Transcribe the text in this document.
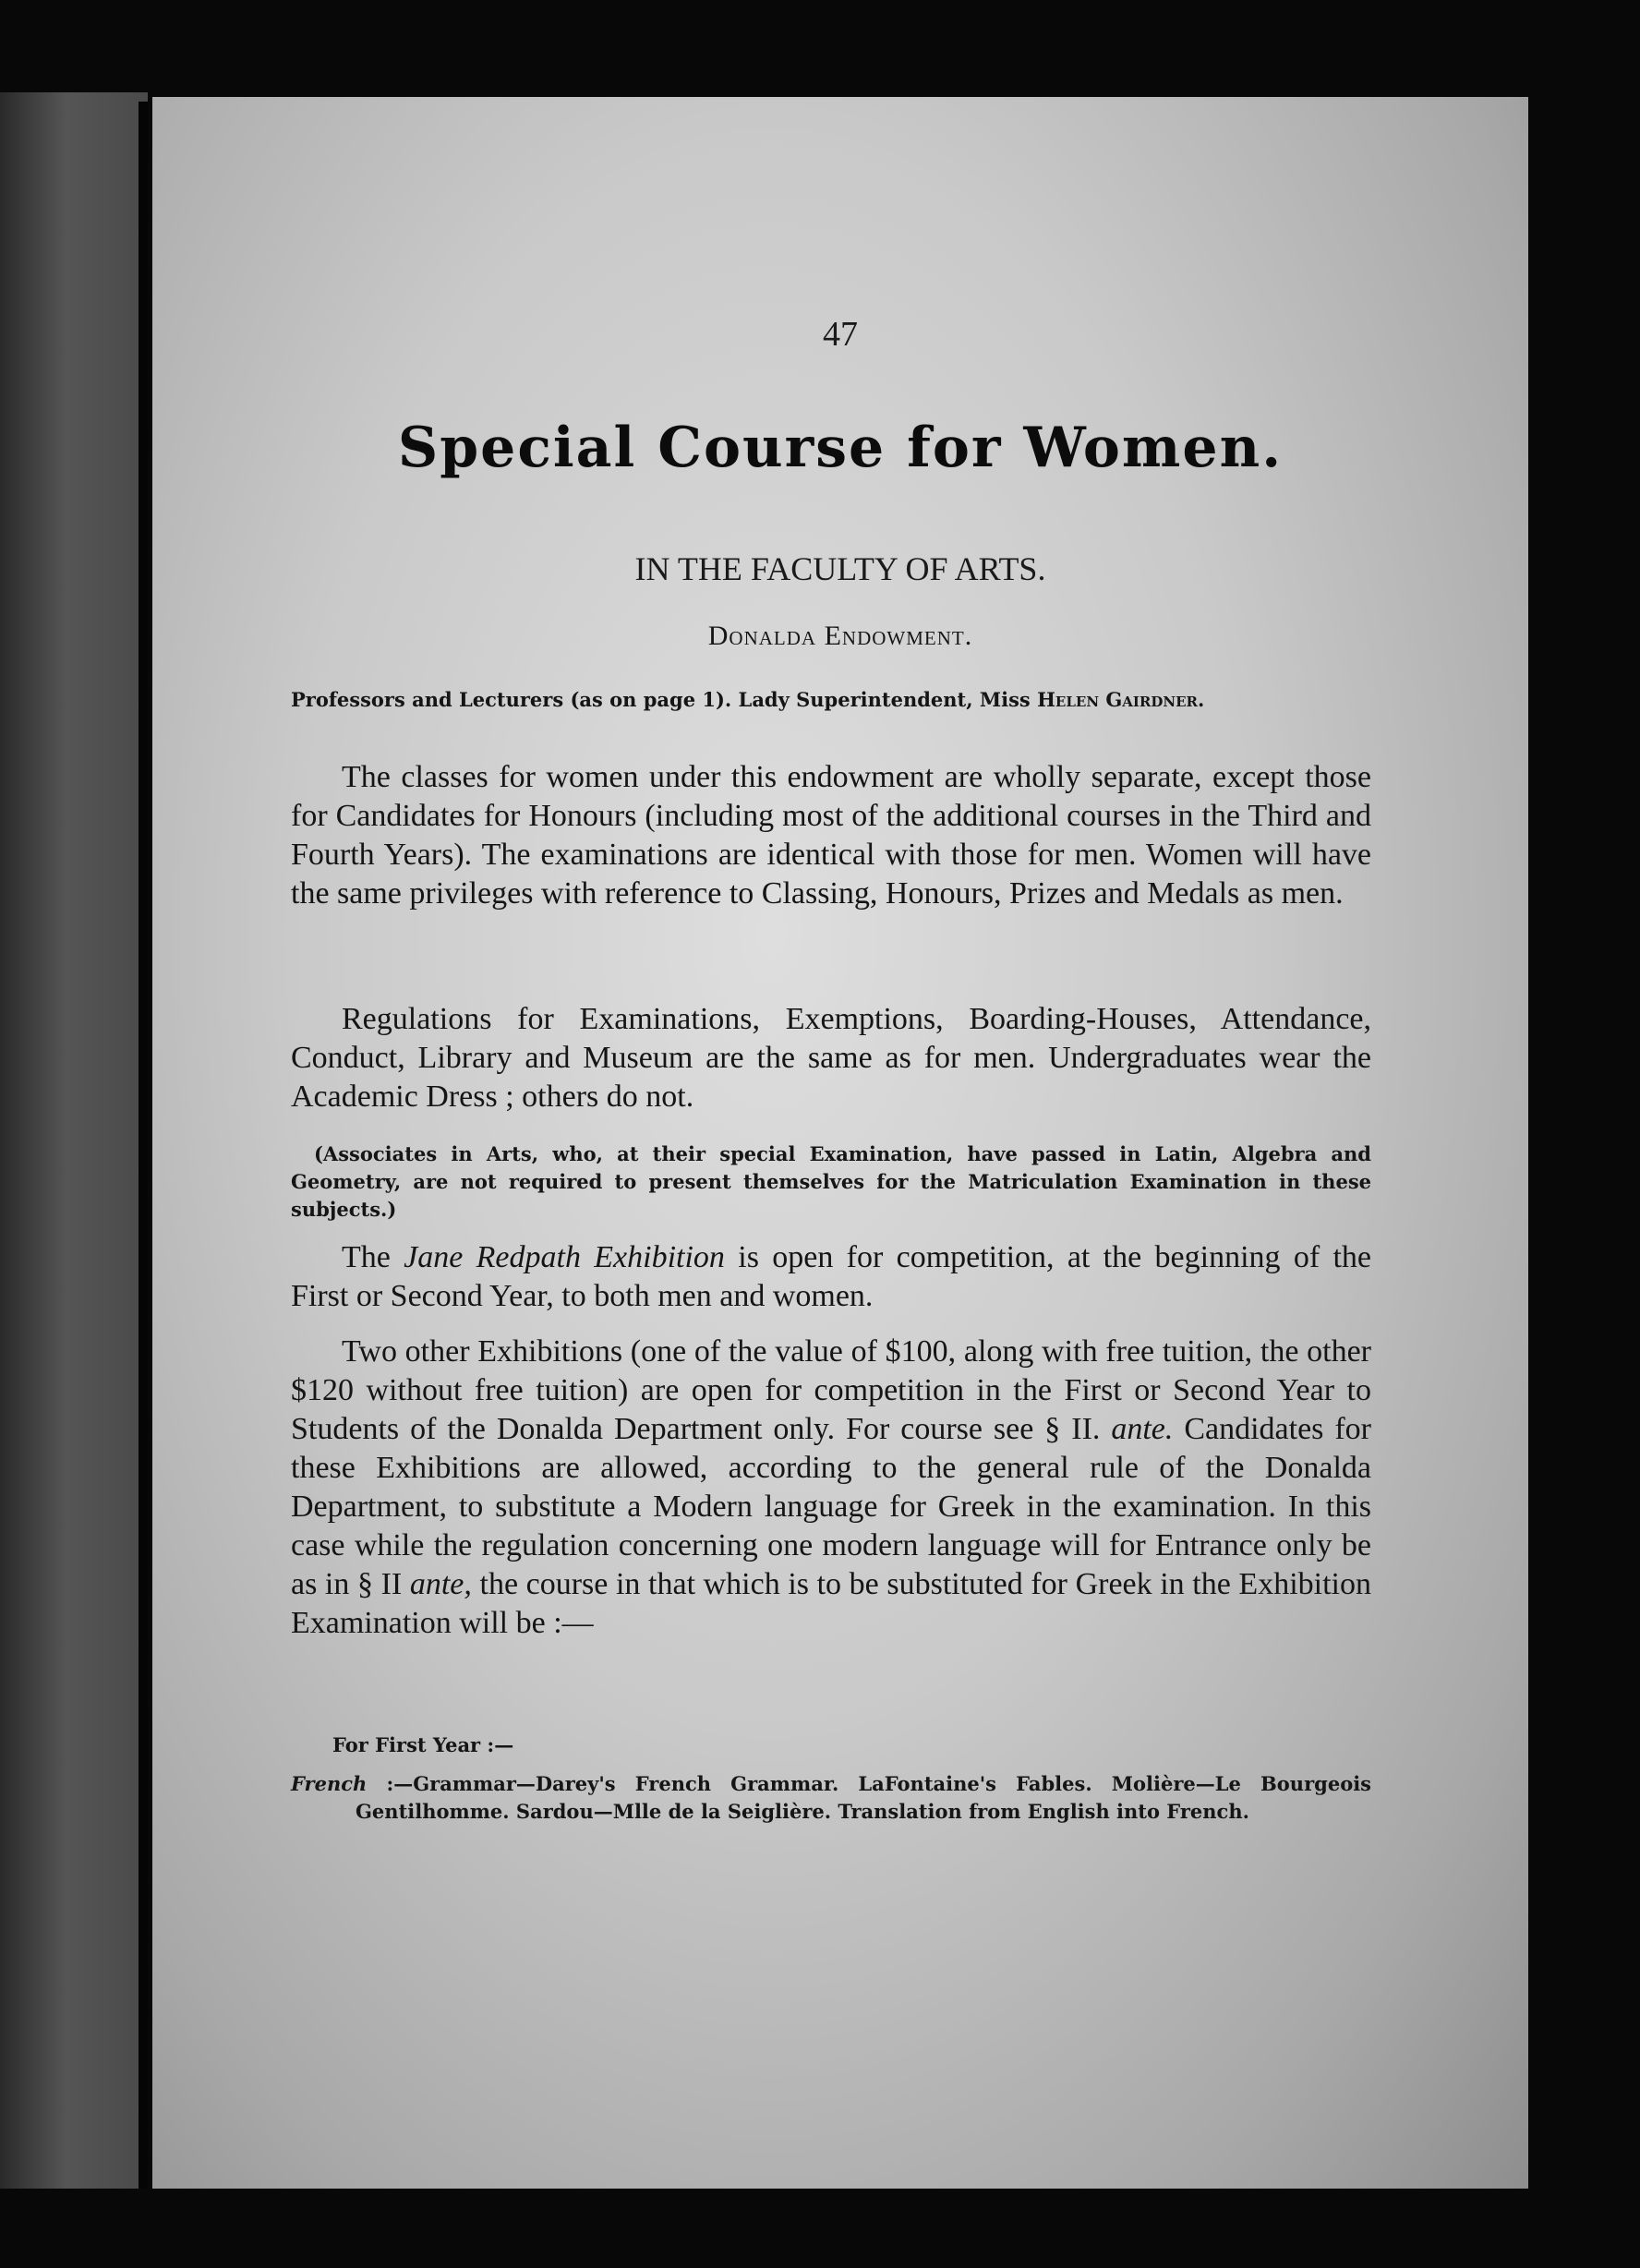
47
Special Course for Women.
IN THE FACULTY OF ARTS.
Donalda Endowment.

Professors and Lecturers (as on page 1). Lady Superintendent, Miss Helen Gairdner.

The classes for women under this endowment are wholly separate, except those for Candidates for Honours (including most of the additional courses in the Third and Fourth Years). The examinations are identical with those for men. Women will have the same privileges with reference to Classing, Honours, Prizes and Medals as men.

Regulations for Examinations, Exemptions, Boarding-Houses, Attendance, Conduct, Library and Museum are the same as for men. Undergraduates wear the Academic Dress ; others do not.

(Associates in Arts, who, at their special Examination, have passed in Latin, Algebra and Geometry, are not required to present themselves for the Matriculation Examination in these subjects.)

The Jane Redpath Exhibition is open for competition, at the beginning of the First or Second Year, to both men and women.

Two other Exhibitions (one of the value of $100, along with free tuition, the other $120 without free tuition) are open for competition in the First or Second Year to Students of the Donalda Department only. For course see § II. ante. Candidates for these Exhibitions are allowed, according to the general rule of the Donalda Department, to substitute a Modern language for Greek in the examination. In this case while the regulation concerning one modern language will for Entrance only be as in § II ante, the course in that which is to be substituted for Greek in the Exhibition Examination will be :—

For First Year :—

French :—Grammar—Darey's French Grammar. LaFontaine's Fables. Molière—Le Bourgeois Gentilhomme. Sardou—Mlle de la Seiglière. Translation from English into French.
